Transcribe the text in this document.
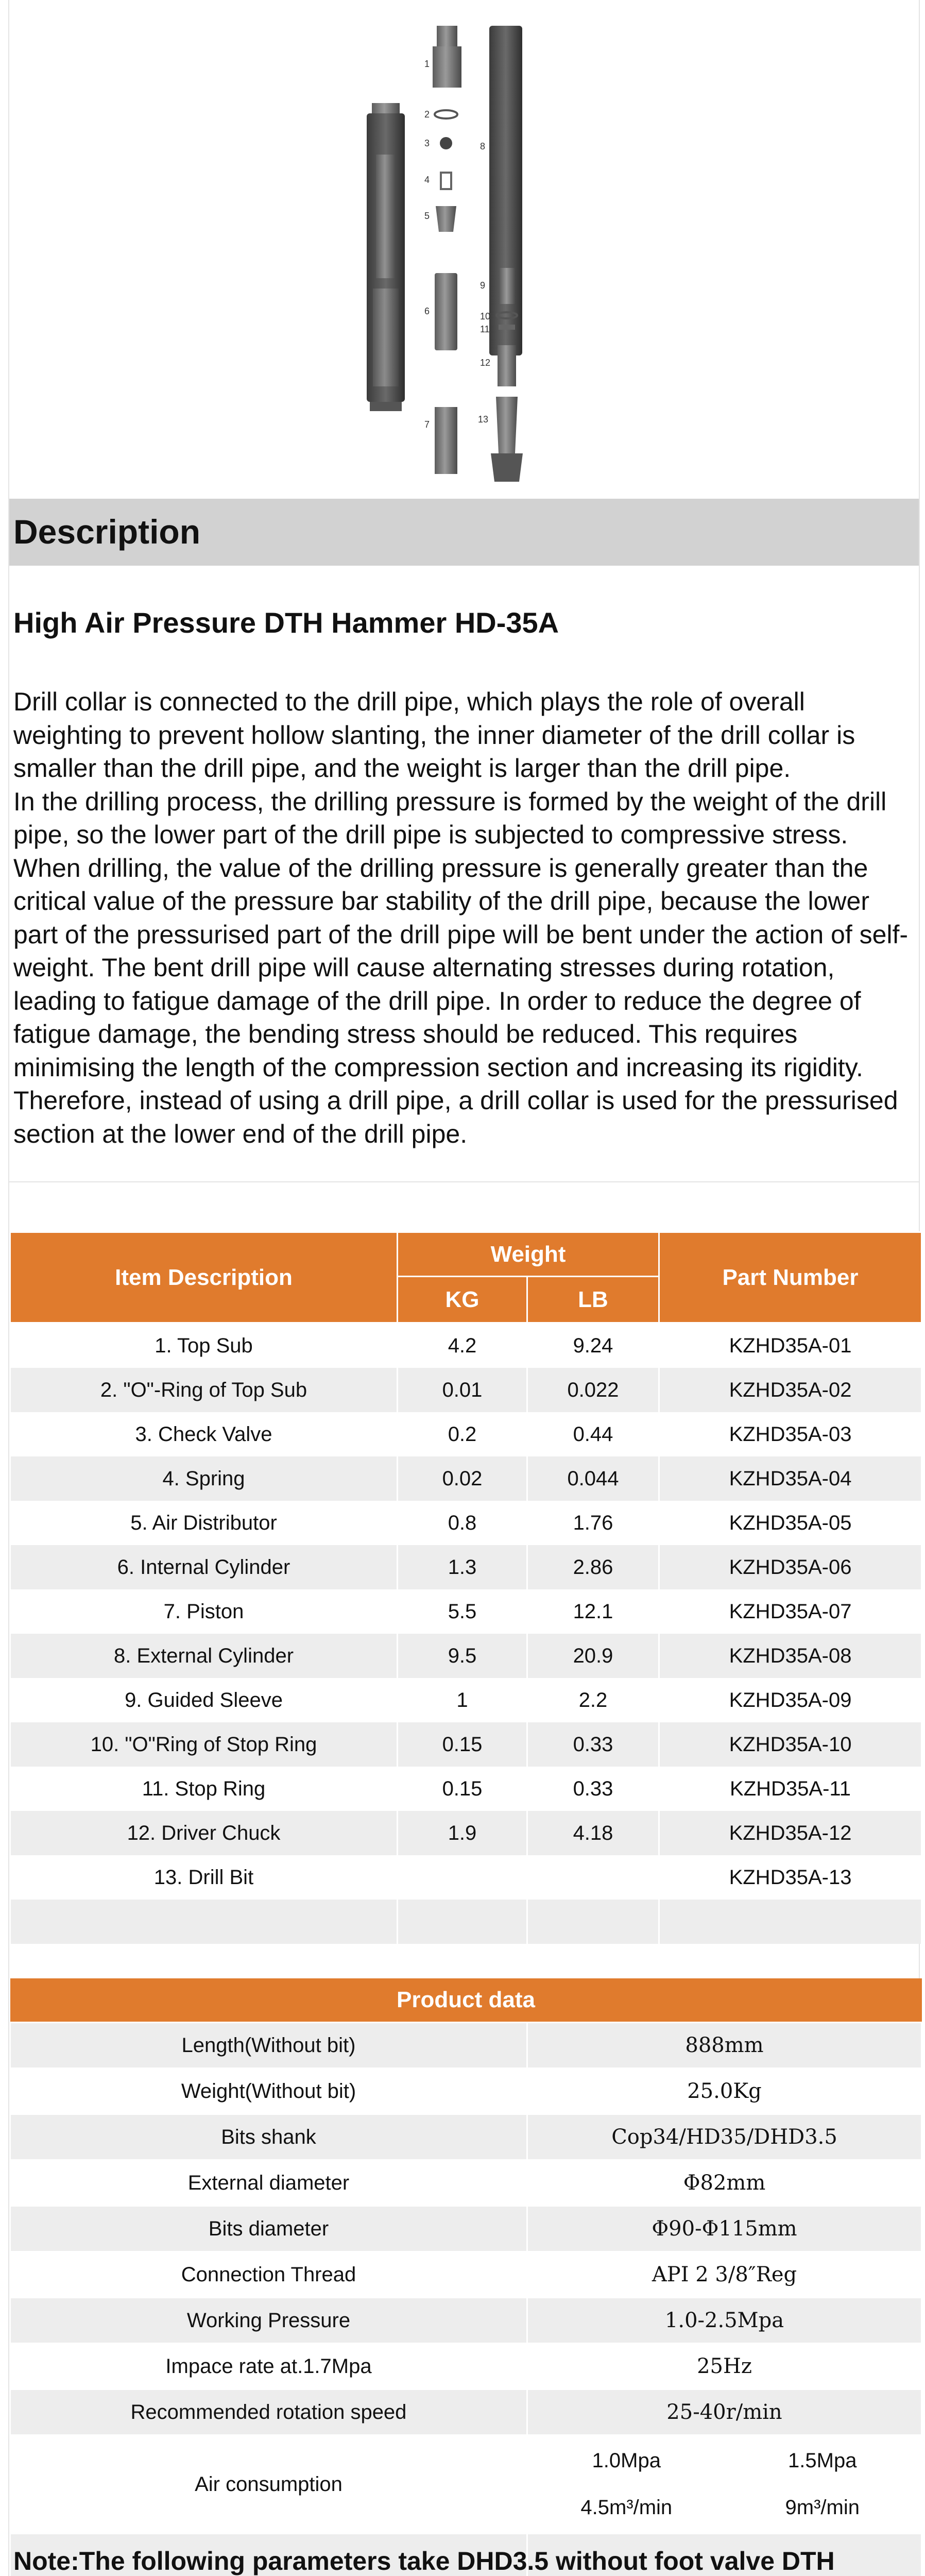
1
2
3
4
5
6
7
8
9
10
11
12
13
Description
High Air Pressure DTH Hammer HD-35A

Drill collar is connected to the drill pipe, which plays the role of overall weighting to prevent hollow slanting, the inner diameter of the drill collar is smaller than the drill pipe, and the weight is larger than the drill pipe.

In the drilling process, the drilling pressure is formed by the weight of the drill pipe, so the lower part of the drill pipe is subjected to compressive stress. When drilling, the value of the drilling pressure is generally greater than the critical value of the pressure bar stability of the drill pipe, because the lower part of the pressurised part of the drill pipe will be bent under the action of self-weight. The bent drill pipe will cause alternating stresses during rotation, leading to fatigue damage of the drill pipe. In order to reduce the degree of fatigue damage, the bending stress should be reduced. This requires minimising the length of the compression section and increasing its rigidity. Therefore, instead of using a drill pipe, a drill collar is used for the pressurised section at the lower end of the drill pipe.

Item Description	Weight		Part Number
	KG	LB	
1. Top Sub	4.2	9.24	KZHD35A-01
2. "O"-Ring of Top Sub	0.01	0.022	KZHD35A-02
3. Check Valve	0.2	0.44	KZHD35A-03
4. Spring	0.02	0.044	KZHD35A-04
5. Air Distributor	0.8	1.76	KZHD35A-05
6. Internal Cylinder	1.3	2.86	KZHD35A-06
7. Piston	5.5	12.1	KZHD35A-07
8. External Cylinder	9.5	20.9	KZHD35A-08
9. Guided Sleeve	1	2.2	KZHD35A-09
10. "O"Ring of Stop Ring	0.15	0.33	KZHD35A-10
11. Stop Ring	0.15	0.33	KZHD35A-11
12. Driver Chuck	1.9	4.18	KZHD35A-12
13. Drill Bit			KZHD35A-13

Product data	
Length(Without bit)	888mm
Weight(Without bit)	25.0Kg
Bits shank	Cop34/HD35/DHD3.5
External diameter	Φ82mm
Bits diameter	Φ90-Φ115mm
Connection Thread	API 2 3/8″Reg
Working Pressure	1.0-2.5Mpa
Impace rate at.1.7Mpa	25Hz
Recommended rotation speed	25-40r/min
Air consumption	1.0Mpa 1.5Mpa
4.5m³/min 9m³/min

Note:The following parameters take DHD3.5 without foot valve DTH
